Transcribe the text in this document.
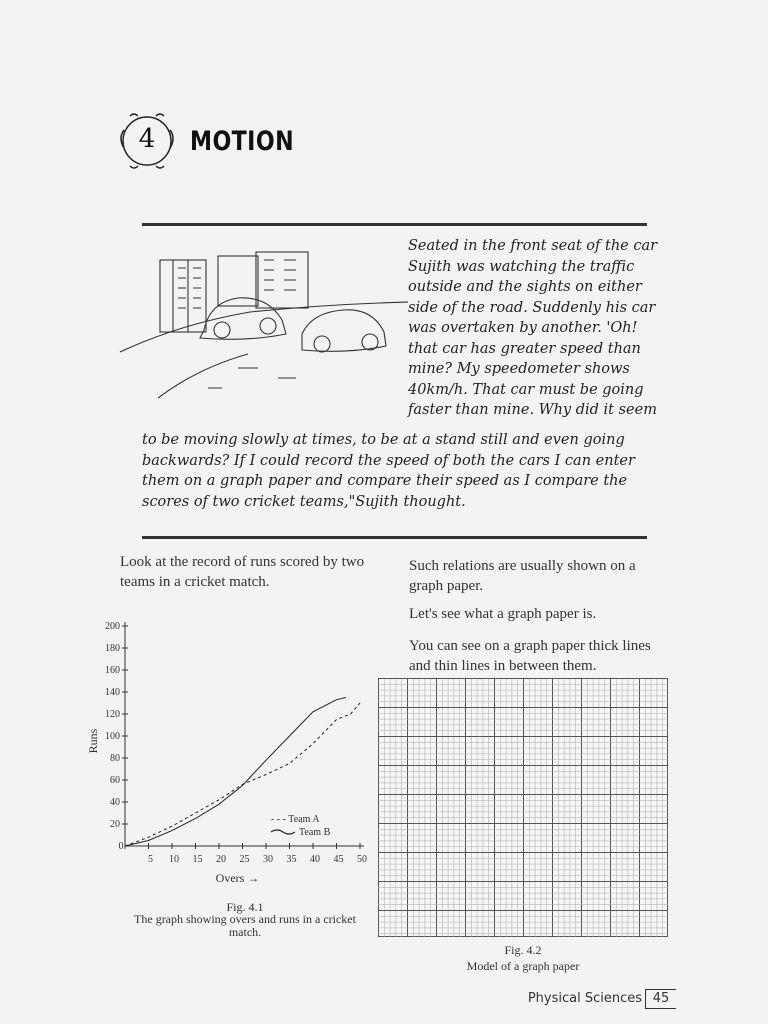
4 MOTION
Seated in the front seat of the car Sujith was watching the traffic outside and the sights on either side of the road. Suddenly his car was overtaken by another. 'Oh! that car has greater speed than mine? My speedometer shows 40km/h. That car must be going faster than mine. Why did it seem
to be moving slowly at times, to be at a stand still and even going backwards? If I could record the speed of both the cars I can enter them on a graph paper and compare their speed as I compare the scores of two cricket teams,"Sujith thought.
Look at the record of runs scored by two teams in a cricket match.
Such relations are usually shown on a graph paper.
Let's see what a graph paper is.
You can see on a graph paper thick lines and thin lines in between them.
20
40
60
80
100
120
140
160
180
200
0
5 10 15 20 25 30 35 40 45 50
Overs →
Runs
- - - Team A
Team B
Fig. 4.1
The graph showing overs and runs in a cricket match.
Fig. 4.2
Model of a graph paper
Physical Sciences 45
